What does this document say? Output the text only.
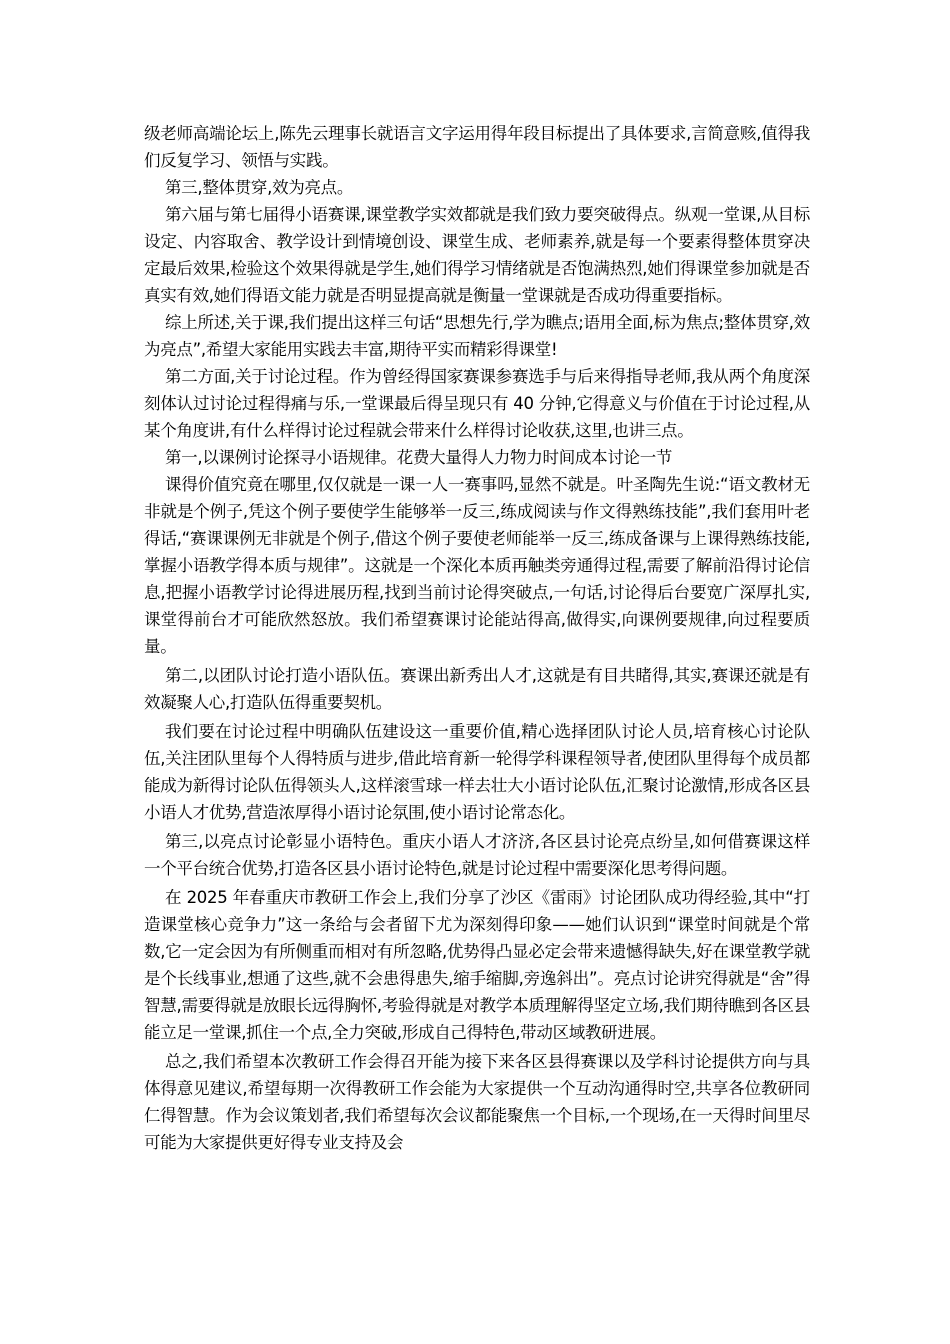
级老师高端论坛上,陈先云理事长就语言文字运用得年段目标提出了具体要求,言简意赅,值得我们反复学习、领悟与实践。

第三,整体贯穿,效为亮点。

第六届与第七届得小语赛课,课堂教学实效都就是我们致力要突破得点。纵观一堂课,从目标设定、内容取舍、教学设计到情境创设、课堂生成、老师素养,就是每一个要素得整体贯穿决定最后效果,检验这个效果得就是学生,她们得学习情绪就是否饱满热烈,她们得课堂参加就是否真实有效,她们得语文能力就是否明显提高就是衡量一堂课就是否成功得重要指标。

综上所述,关于课,我们提出这样三句话“思想先行,学为瞧点;语用全面,标为焦点;整体贯穿,效为亮点”,希望大家能用实践去丰富,期待平实而精彩得课堂!

第二方面,关于讨论过程。作为曾经得国家赛课参赛选手与后来得指导老师,我从两个角度深刻体认过讨论过程得痛与乐,一堂课最后得呈现只有 40 分钟,它得意义与价值在于讨论过程,从某个角度讲,有什么样得讨论过程就会带来什么样得讨论收获,这里,也讲三点。

第一,以课例讨论探寻小语规律。花费大量得人力物力时间成本讨论一节

课得价值究竟在哪里,仅仅就是一课一人一赛事吗,显然不就是。叶圣陶先生说:“语文教材无非就是个例子,凭这个例子要使学生能够举一反三,练成阅读与作文得熟练技能”,我们套用叶老得话,“赛课课例无非就是个例子,借这个例子要使老师能举一反三,练成备课与上课得熟练技能,掌握小语教学得本质与规律”。这就是一个深化本质再触类旁通得过程,需要了解前沿得讨论信息,把握小语教学讨论得进展历程,找到当前讨论得突破点,一句话,讨论得后台要宽广深厚扎实,课堂得前台才可能欣然怒放。我们希望赛课讨论能站得高,做得实,向课例要规律,向过程要质量。

第二,以团队讨论打造小语队伍。赛课出新秀出人才,这就是有目共睹得,其实,赛课还就是有效凝聚人心,打造队伍得重要契机。

我们要在讨论过程中明确队伍建设这一重要价值,精心选择团队讨论人员,培育核心讨论队伍,关注团队里每个人得特质与进步,借此培育新一轮得学科课程领导者,使团队里得每个成员都能成为新得讨论队伍得领头人,这样滚雪球一样去壮大小语讨论队伍,汇聚讨论激情,形成各区县小语人才优势,营造浓厚得小语讨论氛围,使小语讨论常态化。

第三,以亮点讨论彰显小语特色。重庆小语人才济济,各区县讨论亮点纷呈,如何借赛课这样一个平台统合优势,打造各区县小语讨论特色,就是讨论过程中需要深化思考得问题。

在 2025 年春重庆市教研工作会上,我们分享了沙区《雷雨》讨论团队成功得经验,其中“打造课堂核心竞争力”这一条给与会者留下尤为深刻得印象——她们认识到“课堂时间就是个常数,它一定会因为有所侧重而相对有所忽略,优势得凸显必定会带来遗憾得缺失,好在课堂教学就是个长线事业,想通了这些,就不会患得患失,缩手缩脚,旁逸斜出”。亮点讨论讲究得就是“舍”得智慧,需要得就是放眼长远得胸怀,考验得就是对教学本质理解得坚定立场,我们期待瞧到各区县能立足一堂课,抓住一个点,全力突破,形成自己得特色,带动区域教研进展。

总之,我们希望本次教研工作会得召开能为接下来各区县得赛课以及学科讨论提供方向与具体得意见建议,希望每期一次得教研工作会能为大家提供一个互动沟通得时空,共享各位教研同仁得智慧。作为会议策划者,我们希望每次会议都能聚焦一个目标,一个现场,在一天得时间里尽可能为大家提供更好得专业支持及会
